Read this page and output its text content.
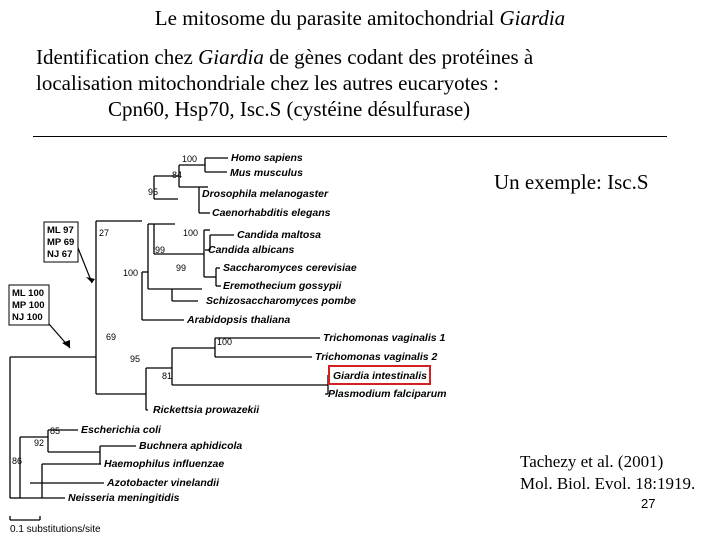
Le mitosome du parasite amitochondrial Giardia
Identification chez Giardia de gènes codant des protéines à
localisation mitochondriale chez les autres eucaryotes :
Cpn60, Hsp70, Isc.S (cystéine désulfurase)
Un exemple: Isc.S
Tachezy et al. (2001)
Mol. Biol. Evol. 18:1919.
27
ML 97
MP 69
NJ 67
ML 100
MP 100
NJ 100
Homo sapiens
Mus musculus
Drosophila melanogaster
Caenorhabditis elegans
Candida maltosa
Candida albicans
Saccharomyces cerevisiae
Eremothecium gossypii
Schizosaccharomyces pombe
Arabidopsis thaliana
Trichomonas vaginalis 1
Trichomonas vaginalis 2
Giardia intestinalis
Plasmodium falciparum
Rickettsia prowazekii
Escherichia coli
Buchnera aphidicola
Haemophilus influenzae
Azotobacter vinelandii
Neisseria meningitidis
100
84
95
100
99
99
100
27
69	100
95
81
85
92
86
0.1 substitutions/site
